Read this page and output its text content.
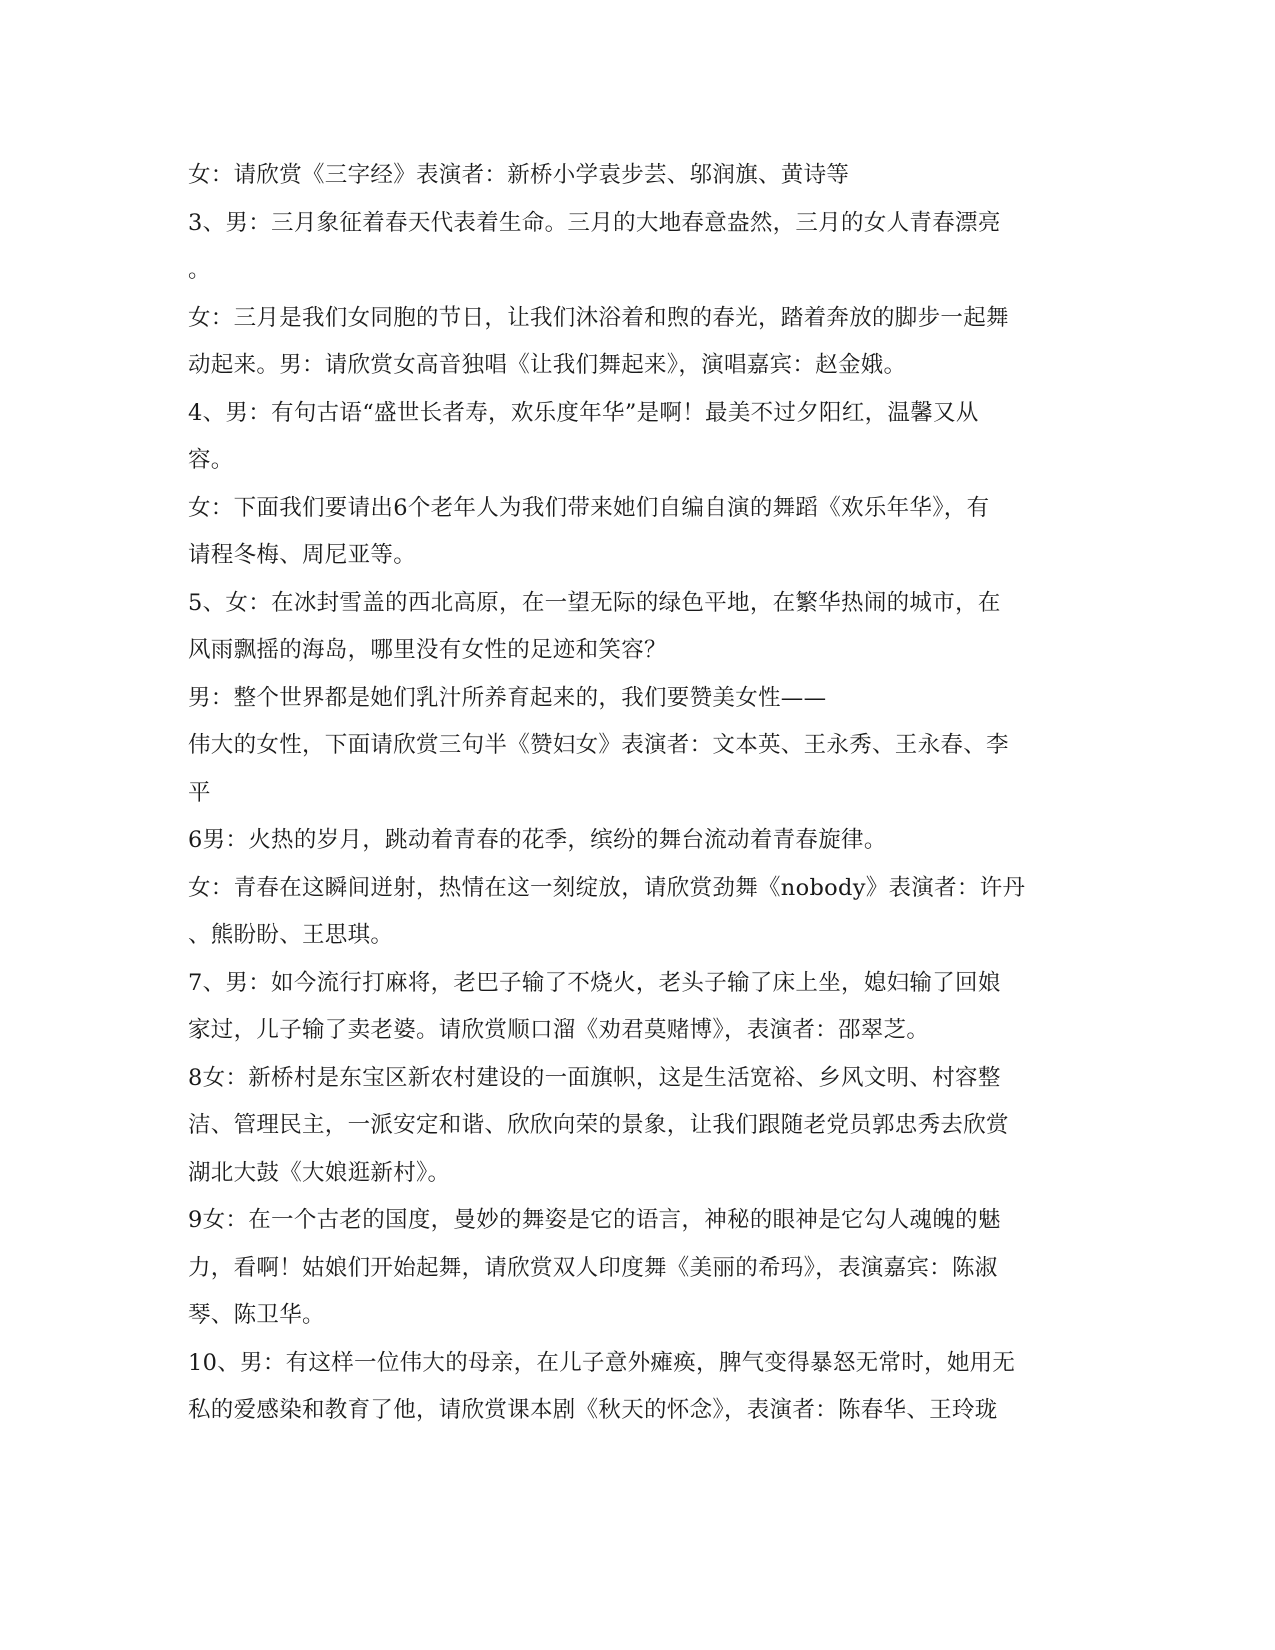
女：请欣赏《三字经》表演者：新桥小学袁步芸、邬润旗、黄诗等
3、男：三月象征着春天代表着生命。三月的大地春意盎然，三月的女人青春漂亮
。
女：三月是我们女同胞的节日，让我们沐浴着和煦的春光，踏着奔放的脚步一起舞
动起来。男：请欣赏女高音独唱《让我们舞起来》，演唱嘉宾：赵金娥。
4、男：有句古语“盛世长者寿，欢乐度年华”是啊！最美不过夕阳红，温馨又从
容。
女：下面我们要请出6个老年人为我们带来她们自编自演的舞蹈《欢乐年华》，有
请程冬梅、周尼亚等。
5、女：在冰封雪盖的西北高原，在一望无际的绿色平地，在繁华热闹的城市，在
风雨飘摇的海岛，哪里没有女性的足迹和笑容？
男：整个世界都是她们乳汁所养育起来的，我们要赞美女性——
伟大的女性，下面请欣赏三句半《赞妇女》表演者：文本英、王永秀、王永春、李
平
6男：火热的岁月，跳动着青春的花季，缤纷的舞台流动着青春旋律。
女：青春在这瞬间迸射，热情在这一刻绽放，请欣赏劲舞《nobody》表演者：许丹
、熊盼盼、王思琪。
7、男：如今流行打麻将，老巴子输了不烧火，老头子输了床上坐，媳妇输了回娘
家过，儿子输了卖老婆。请欣赏顺口溜《劝君莫赌博》，表演者：邵翠芝。
8女：新桥村是东宝区新农村建设的一面旗帜，这是生活宽裕、乡风文明、村容整
洁、管理民主，一派安定和谐、欣欣向荣的景象，让我们跟随老党员郭忠秀去欣赏
湖北大鼓《大娘逛新村》。
9女：在一个古老的国度，曼妙的舞姿是它的语言，神秘的眼神是它勾人魂魄的魅
力，看啊！姑娘们开始起舞，请欣赏双人印度舞《美丽的希玛》，表演嘉宾：陈淑
琴、陈卫华。
10、男：有这样一位伟大的母亲，在儿子意外瘫痪，脾气变得暴怒无常时，她用无
私的爱感染和教育了他，请欣赏课本剧《秋天的怀念》，表演者：陈春华、王玲珑
